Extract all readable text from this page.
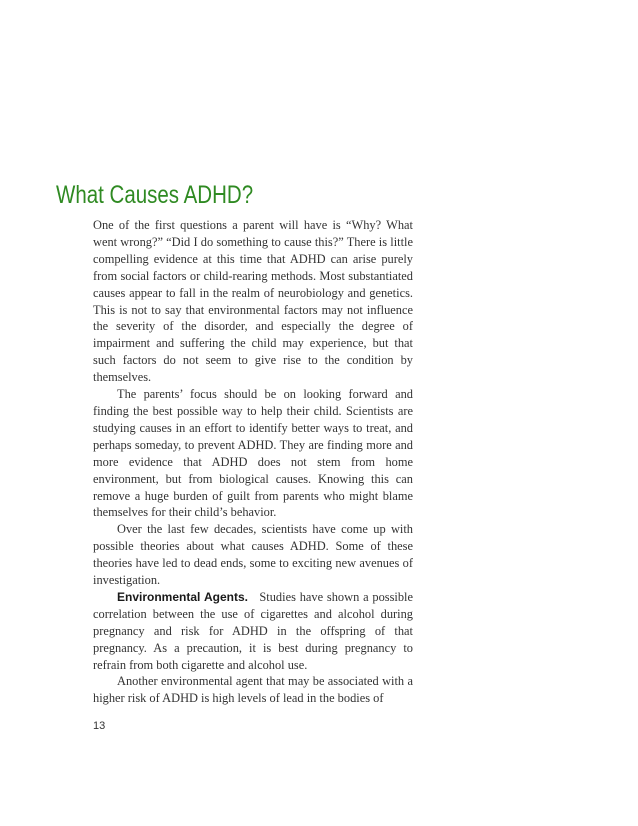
What Causes ADHD?

One of the first questions a parent will have is “Why? What went wrong?” “Did I do something to cause this?” There is little compelling evidence at this time that ADHD can arise purely from social factors or child-rearing methods. Most substantiated causes appear to fall in the realm of neurobiology and genetics. This is not to say that environmental factors may not influence the severity of the disorder, and especially the degree of impairment and suffering the child may experience, but that such factors do not seem to give rise to the condition by themselves.

The parents’ focus should be on looking forward and finding the best possible way to help their child. Scientists are studying causes in an effort to identify better ways to treat, and perhaps someday, to prevent ADHD. They are finding more and more evidence that ADHD does not stem from home environment, but from biological causes. Knowing this can remove a huge burden of guilt from parents who might blame themselves for their child’s behavior.

Over the last few decades, scientists have come up with possible theories about what causes ADHD. Some of these theories have led to dead ends, some to exciting new avenues of investigation.

Environmental Agents. Studies have shown a possible correlation between the use of cigarettes and alcohol during pregnancy and risk for ADHD in the offspring of that pregnancy. As a precaution, it is best during pregnancy to refrain from both cigarette and alcohol use.

Another environmental agent that may be associated with a higher risk of ADHD is high levels of lead in the bodies of

13
